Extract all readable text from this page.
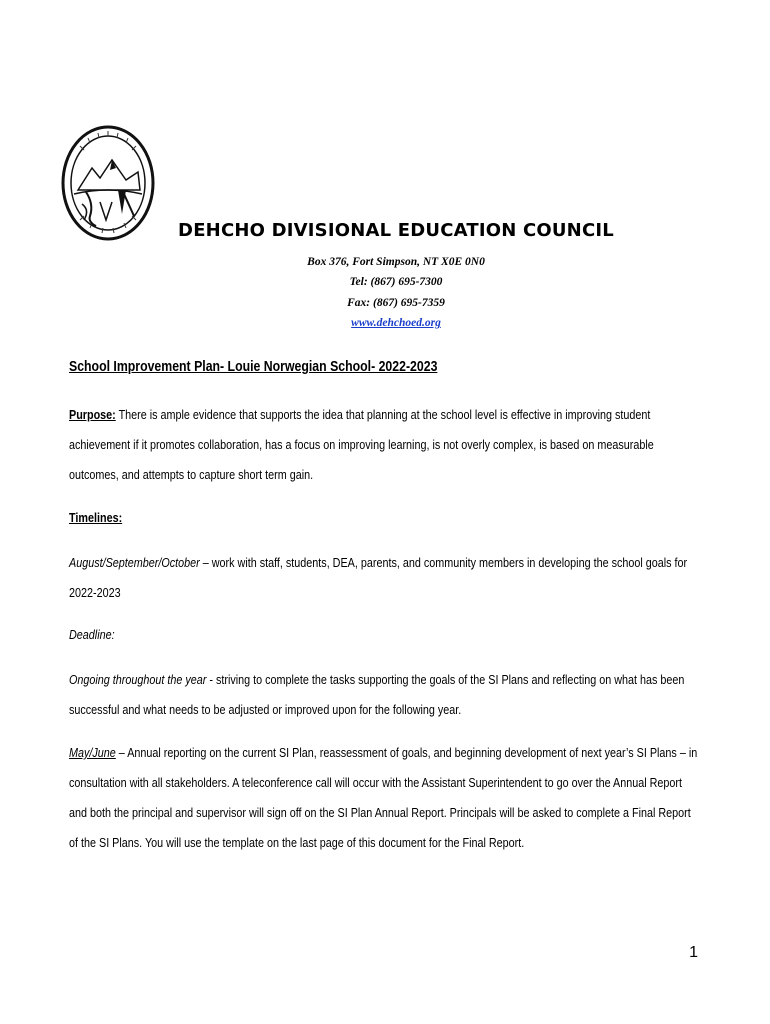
DEHCHO DIVISIONAL EDUCATION COUNCIL
Box 376, Fort Simpson, NT X0E 0N0
Tel: (867) 695-7300
Fax: (867) 695-7359
www.dehchoed.org
School Improvement Plan- Louie Norwegian School- 2022-2023
Purpose: There is ample evidence that supports the idea that planning at the school level is effective in improving student achievement if it promotes collaboration, has a focus on improving learning, is not overly complex, is based on measurable outcomes, and attempts to capture short term gain.
Timelines:
August/September/October – work with staff, students, DEA, parents, and community members in developing the school goals for 2022-2023
Deadline:
Ongoing throughout the year - striving to complete the tasks supporting the goals of the SI Plans and reflecting on what has been successful and what needs to be adjusted or improved upon for the following year.
May/June – Annual reporting on the current SI Plan, reassessment of goals, and beginning development of next year’s SI Plans – in consultation with all stakeholders. A teleconference call will occur with the Assistant Superintendent to go over the Annual Report and both the principal and supervisor will sign off on the SI Plan Annual Report. Principals will be asked to complete a Final Report of the SI Plans. You will use the template on the last page of this document for the Final Report.
1
